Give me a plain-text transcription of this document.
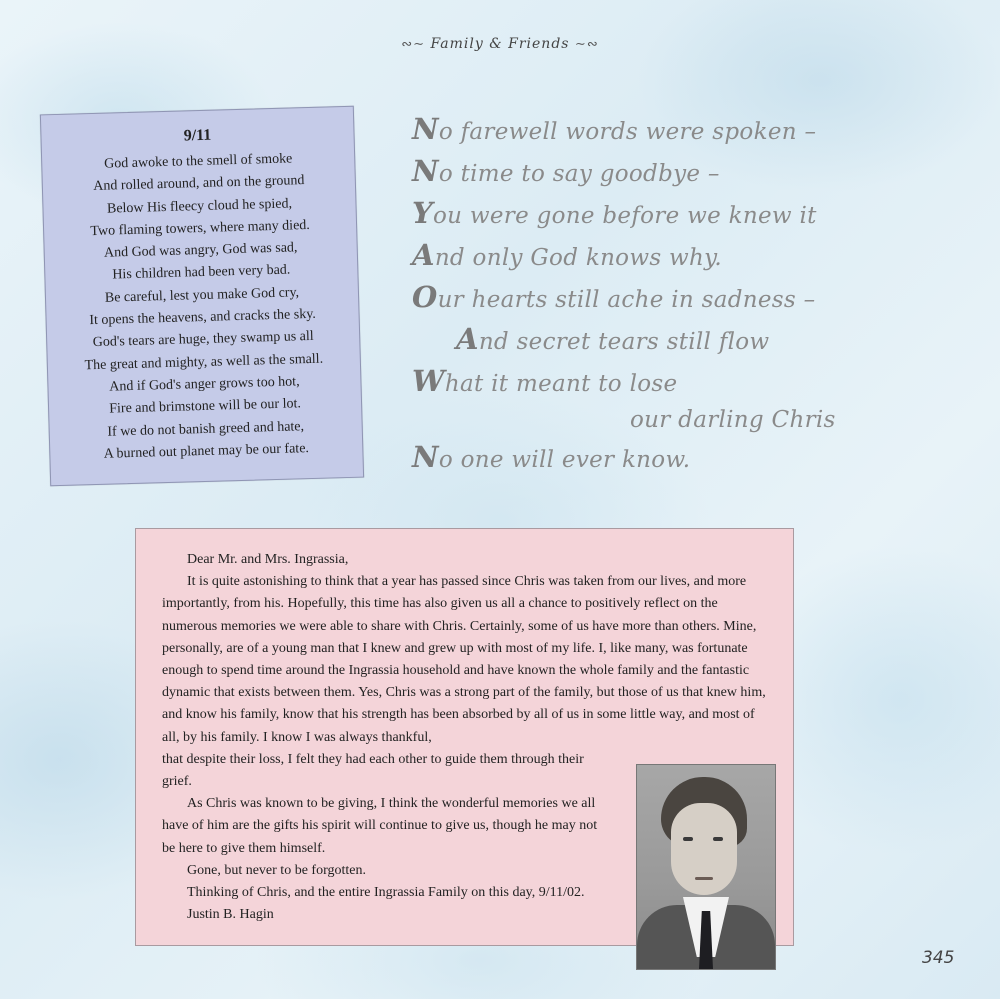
∾∼ Family & Friends ∼∾
9/11
God awoke to the smell of smoke
And rolled around, and on the ground
Below His fleecy cloud he spied,
Two flaming towers, where many died.
And God was angry, God was sad,
His children had been very bad.
Be careful, lest you make God cry,
It opens the heavens, and cracks the sky.
God's tears are huge, they swamp us all
The great and mighty, as well as the small.
And if God's anger grows too hot,
Fire and brimstone will be our lot.
If we do not banish greed and hate,
A burned out planet may be our fate.
No farewell words were spoken –
No time to say goodbye –
You were gone before we knew it
And only God knows why.
Our hearts still ache in sadness –
And secret tears still flow
What it meant to lose
our darling Chris
No one will ever know.

Dear Mr. and Mrs. Ingrassia,

It is quite astonishing to think that a year has passed since Chris was taken from our lives, and more importantly, from his. Hopefully, this time has also given us all a chance to positively reflect on the numerous memories we were able to share with Chris. Certainly, some of us have more than others. Mine, personally, are of a young man that I knew and grew up with most of my life. I, like many, was fortunate enough to spend time around the Ingrassia household and have known the whole family and the fantastic dynamic that exists between them. Yes, Chris was a strong part of the family, but those of us that knew him, and know his family, know that his strength has been absorbed by all of us in some little way, and most of all, by his family. I know I was always thankful,

that despite their loss, I felt they had each other to guide them through their grief.

As Chris was known to be giving, I think the wonderful memories we all have of him are the gifts his spirit will continue to give us, though he may not be here to give them himself.

Gone, but never to be forgotten.

Thinking of Chris, and the entire Ingrassia Family on this day, 9/11/02.

Justin B. Hagin

345
